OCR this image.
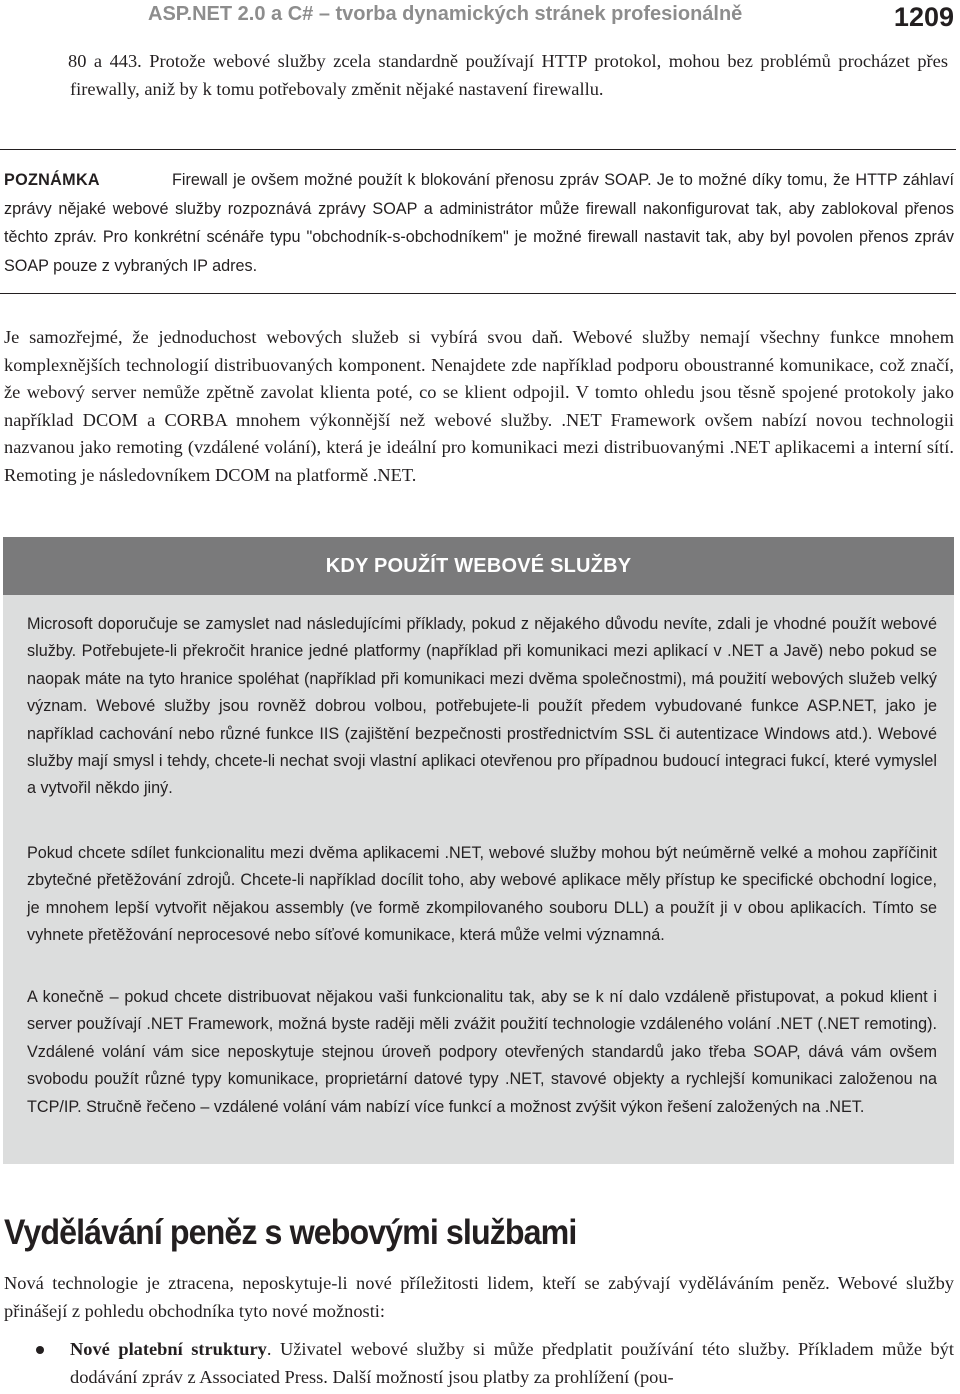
ASP.NET 2.0 a C# – tvorba dynamických stránek profesionálně	1209

80 a 443. Protože webové služby zcela standardně používají HTTP protokol, mohou bez problémů procházet přes firewally, aniž by k tomu potřebovaly změnit nějaké nastavení firewallu.

POZNÁMKA	Firewall je ovšem možné použít k blokování přenosu zpráv SOAP. Je to možné díky tomu, že HTTP záhlaví zprávy nějaké webové služby rozpoznává zprávy SOAP a administrátor může firewall nakonfigurovat tak, aby zablokoval přenos těchto zpráv. Pro konkrétní scénáře typu "obchodník-s-obchodníkem" je možné firewall nastavit tak, aby byl povolen přenos zpráv SOAP pouze z vybraných IP adres.

Je samozřejmé, že jednoduchost webových služeb si vybírá svou daň. Webové služby nemají všechny funkce mnohem komplexnějších technologií distribuovaných komponent. Nenajdete zde například podporu oboustranné komunikace, což značí, že webový server nemůže zpětně zavolat klienta poté, co se klient odpojil. V tomto ohledu jsou těsně spojené protokoly jako například DCOM a CORBA mnohem výkonnější než webové služby. .NET Framework ovšem nabízí novou technologii nazvanou jako remoting (vzdálené volání), která je ideální pro komunikaci mezi distribuovanými .NET aplikacemi a interní sítí. Remoting je následovníkem DCOM na platformě .NET.

KDY POUŽÍT WEBOVÉ SLUŽBY

Microsoft doporučuje se zamyslet nad následujícími příklady, pokud z nějakého důvodu nevíte, zdali je vhodné použít webové služby. Potřebujete-li překročit hranice jedné platformy (například při komunikaci mezi aplikací v .NET a Javě) nebo pokud se naopak máte na tyto hranice spoléhat (například při komunikaci mezi dvěma společnostmi), má použití webových služeb velký význam. Webové služby jsou rovněž dobrou volbou, potřebujete-li použít předem vybudované funkce ASP.NET, jako je například cachování nebo různé funkce IIS (zajištění bezpečnosti prostřednictvím SSL či autentizace Windows atd.). Webové služby mají smysl i tehdy, chcete-li nechat svoji vlastní aplikaci otevřenou pro případnou budoucí integraci fukcí, které vymyslel a vytvořil někdo jiný.

Pokud chcete sdílet funkcionalitu mezi dvěma aplikacemi .NET, webové služby mohou být neúměrně velké a mohou zapříčinit zbytečné přetěžování zdrojů. Chcete-li například docílit toho, aby webové aplikace měly přístup ke specifické obchodní logice, je mnohem lepší vytvořit nějakou assembly (ve formě zkompilovaného souboru DLL) a použít ji v obou aplikacích. Tímto se vyhnete přetěžování neprocesové nebo síťové komunikace, která může velmi významná.

A konečně – pokud chcete distribuovat nějakou vaši funkcionalitu tak, aby se k ní dalo vzdáleně přistupovat, a pokud klient i server používají .NET Framework, možná byste raději měli zvážit použití technologie vzdáleného volání .NET (.NET remoting). Vzdálené volání vám sice neposkytuje stejnou úroveň podpory otevřených standardů jako třeba SOAP, dává vám ovšem svobodu použít různé typy komunikace, proprietární datové typy .NET, stavové objekty a rychlejší komunikaci založenou na TCP/IP. Stručně řečeno – vzdálené volání vám nabízí více funkcí a možnost zvýšit výkon řešení založených na .NET.

Vydělávání peněz s webovými službami

Nová technologie je ztracena, neposkytuje-li nové příležitosti lidem, kteří se zabývají vyděláváním peněz. Webové služby přinášejí z pohledu obchodníka tyto nové možnosti:

Nové platební struktury. Uživatel webové služby si může předplatit používání této služby. Příkladem může být dodávání zpráv z Associated Press. Další možností jsou platby za prohlížení (pou-
